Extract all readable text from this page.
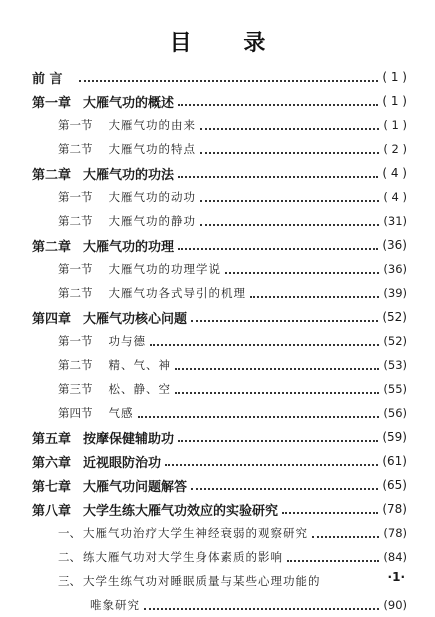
目 录
前 言	( 1 )
第一章 大雁气功的概述	( 1 )
第一节 大雁气功的由来	( 1 )
第二节 大雁气功的特点	( 2 )
第二章 大雁气功的功法	( 4 )
第一节 大雁气功的动功	( 4 )
第二节 大雁气功的静功	(31)
第二章 大雁气功的功理	(36)
第一节 大雁气功的功理学说	(36)
第二节 大雁气功各式导引的机理	(39)
第四章 大雁气功核心问题	(52)
第一节 功与德	(52)
第二节 精、气、神	(53)
第三节 松、静、空	(55)
第四节 气感	(56)
第五章 按摩保健辅助功	(59)
第六章 近视眼防治功	(61)
第七章 大雁气功问题解答	(65)
第八章 大学生练大雁气功效应的实验研究	(78)
一、 大雁气功治疗大学生神经衰弱的观察研究	(78)
二、 练大雁气功对大学生身体素质的影响	(84)
三、 大学生练气功对睡眠质量与某些心理功能的
唯象研究	(90)
·1·
